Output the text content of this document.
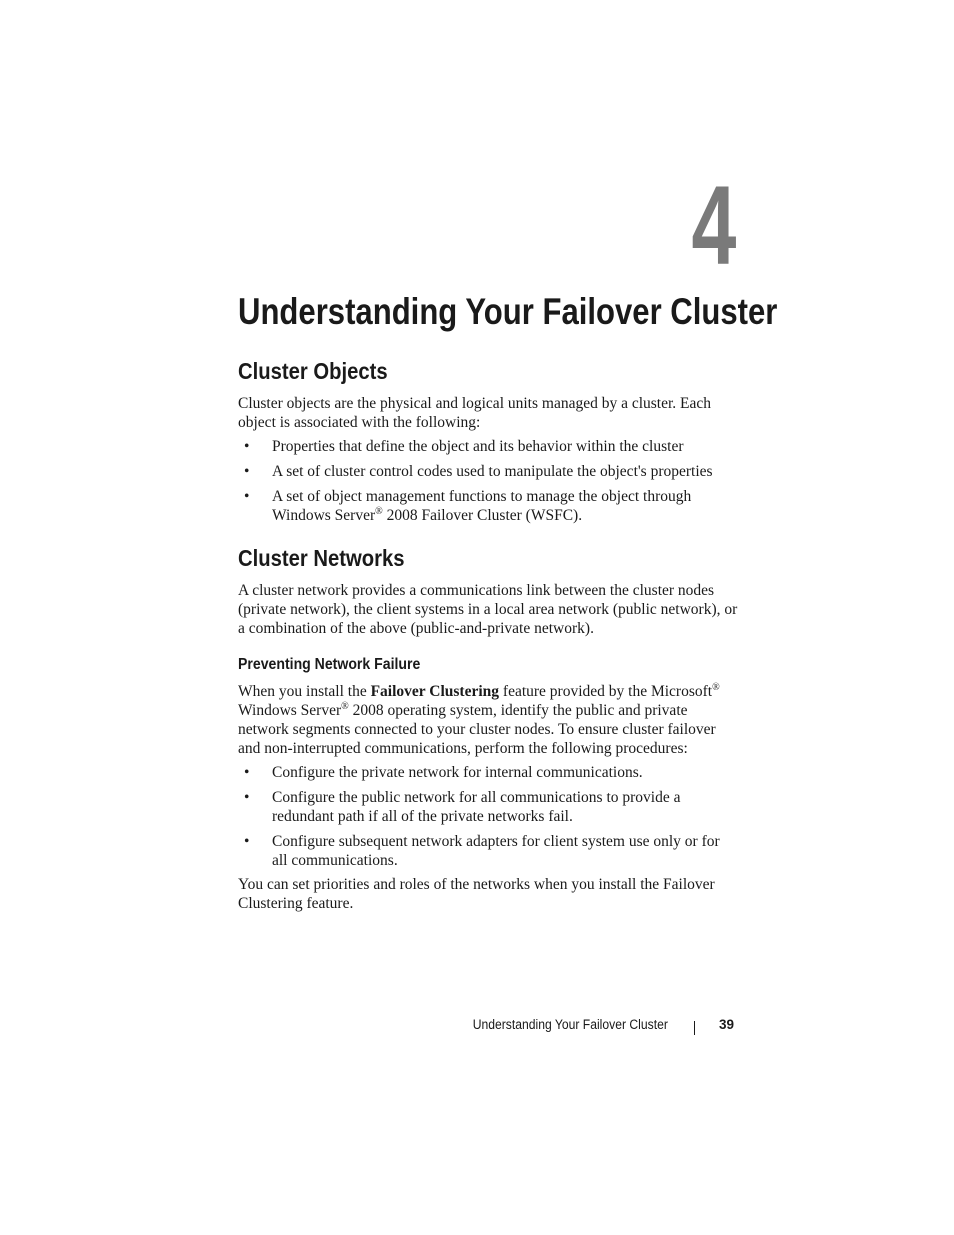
4
Understanding Your Failover Cluster
Cluster Objects

Cluster objects are the physical and logical units managed by a cluster. Each object is associated with the following:

• Properties that define the object and its behavior within the cluster
• A set of cluster control codes used to manipulate the object's properties
• A set of object management functions to manage the object through Windows Server® 2008 Failover Cluster (WSFC).
Cluster Networks

A cluster network provides a communications link between the cluster nodes (private network), the client systems in a local area network (public network), or a combination of the above (public-and-private network).

Preventing Network Failure

When you install the Failover Clustering feature provided by the Microsoft® Windows Server® 2008 operating system, identify the public and private network segments connected to your cluster nodes. To ensure cluster failover and non-interrupted communications, perform the following procedures:

• Configure the private network for internal communications.
• Configure the public network for all communications to provide a redundant path if all of the private networks fail.
• Configure subsequent network adapters for client system use only or for all communications.

You can set priorities and roles of the networks when you install the Failover Clustering feature.

Understanding Your Failover Cluster	39
